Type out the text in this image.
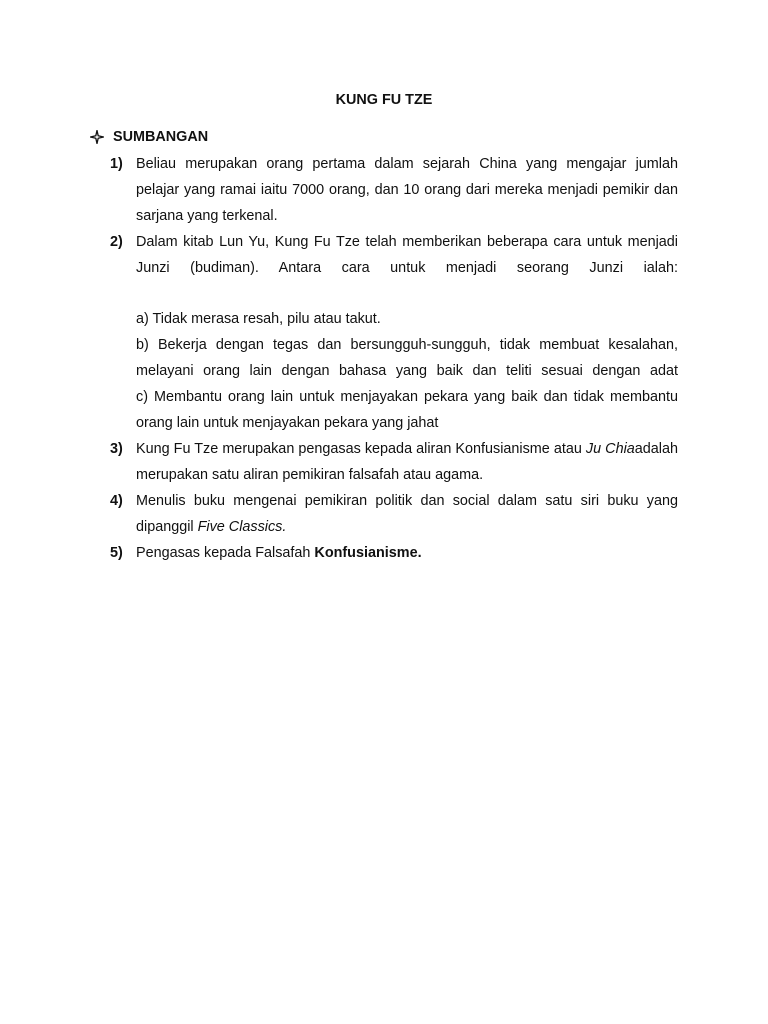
KUNG FU TZE
SUMBANGAN
1) Beliau merupakan orang pertama dalam sejarah China yang mengajar jumlah pelajar yang ramai iaitu 7000 orang, dan 10 orang dari mereka menjadi pemikir dan sarjana yang terkenal.

2) Dalam kitab Lun Yu, Kung Fu Tze telah memberikan beberapa cara untuk menjadi Junzi (budiman). Antara cara untuk menjadi seorang Junzi ialah:

a) Tidak merasa resah, pilu atau takut.

b) Bekerja dengan tegas dan bersungguh-sungguh, tidak membuat kesalahan, melayani orang lain dengan bahasa yang baik dan teliti sesuai dengan adat

c) Membantu orang lain untuk menjayakan pekara yang baik dan tidak membantu orang lain untuk menjayakan pekara yang jahat

3) Kung Fu Tze merupakan pengasas kepada aliran Konfusianisme atau Ju Chiaadalah merupakan satu aliran pemikiran falsafah atau agama.

4) Menulis buku mengenai pemikiran politik dan social dalam satu siri buku yang dipanggil Five Classics.

5) Pengasas kepada Falsafah Konfusianisme.
